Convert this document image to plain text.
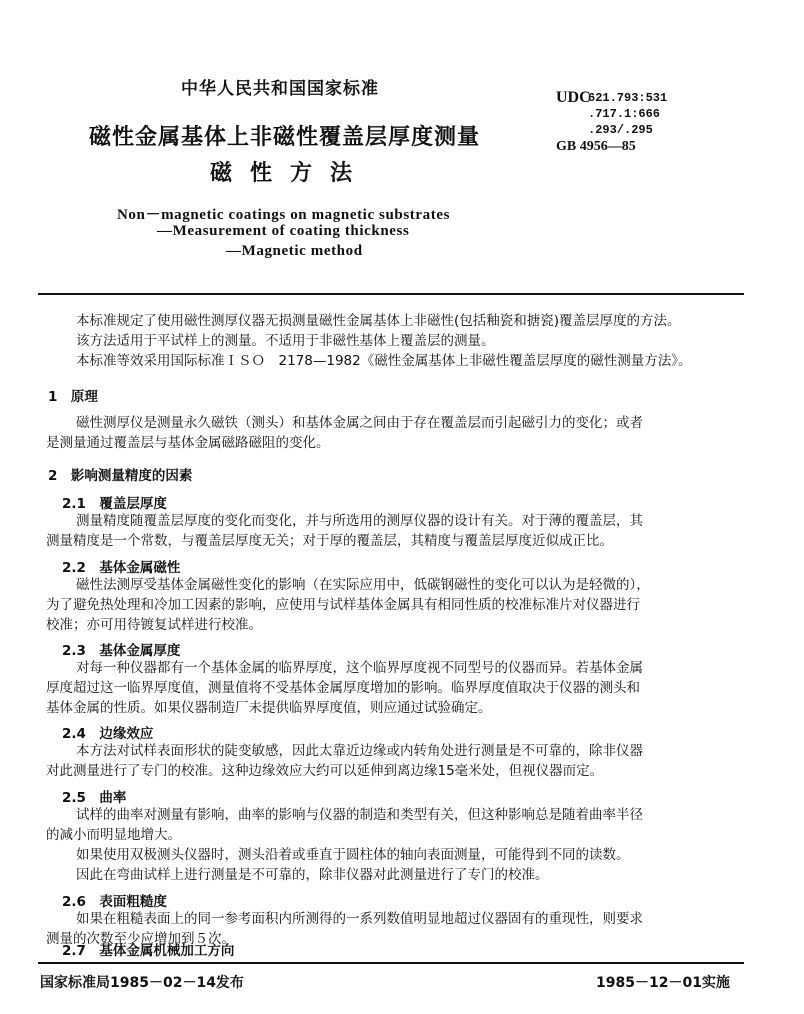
中华人民共和国国家标准	UDC
621.793:531
.717.1:666
.293/.295
GB 4956—85
磁性金属基体上非磁性覆盖层厚度测量
磁性方法
Non－magnetic coatings on magnetic substrates
—Measurement of coating thickness
—Magnetic method
本标准规定了使用磁性测厚仪器无损测量磁性金属基体上非磁性(包括釉瓷和搪瓷)覆盖层厚度的方法。
该方法适用于平试样上的测量。不适用于非磁性基体上覆盖层的测量。
本标准等效采用国际标准ＩＳＯ　2178—1982《磁性金属基体上非磁性覆盖层厚度的磁性测量方法》。
1　原理
磁性测厚仪是测量永久磁铁（测头）和基体金属之间由于存在覆盖层而引起磁引力的变化；或者
是测量通过覆盖层与基体金属磁路磁阻的变化。
2　影响测量精度的因素
2.1　覆盖层厚度
测量精度随覆盖层厚度的变化而变化，并与所选用的测厚仪器的设计有关。对于薄的覆盖层，其
测量精度是一个常数，与覆盖层厚度无关；对于厚的覆盖层，其精度与覆盖层厚度近似成正比。
2.2　基体金属磁性
磁性法测厚受基体金属磁性变化的影响（在实际应用中，低碳钢磁性的变化可以认为是轻微的），
为了避免热处理和冷加工因素的影响，应使用与试样基体金属具有相同性质的校准标准片对仪器进行
校准；亦可用待镀复试样进行校准。
2.3　基体金属厚度
对每一种仪器都有一个基体金属的临界厚度，这个临界厚度视不同型号的仪器而异。若基体金属
厚度超过这一临界厚度值，测量值将不受基体金属厚度增加的影响。临界厚度值取决于仪器的测头和
基体金属的性质。如果仪器制造厂未提供临界厚度值，则应通过试验确定。
2.4　边缘效应
本方法对试样表面形状的陡变敏感，因此太靠近边缘或内转角处进行测量是不可靠的，除非仪器
对此测量进行了专门的校准。这种边缘效应大约可以延伸到离边缘15毫米处，但视仪器而定。
2.5　曲率
试样的曲率对测量有影响，曲率的影响与仪器的制造和类型有关，但这种影响总是随着曲率半径
的减小而明显地增大。
如果使用双极测头仪器时，测头沿着或垂直于圆柱体的轴向表面测量，可能得到不同的读数。
因此在弯曲试样上进行测量是不可靠的，除非仪器对此测量进行了专门的校准。
2.6　表面粗糙度
如果在粗糙表面上的同一参考面积内所测得的一系列数值明显地超过仪器固有的重现性，则要求
测量的次数至少应增加到５次。
2.7　基体金属机械加工方向
国家标准局1985－02－14发布	1985－12－01实施
